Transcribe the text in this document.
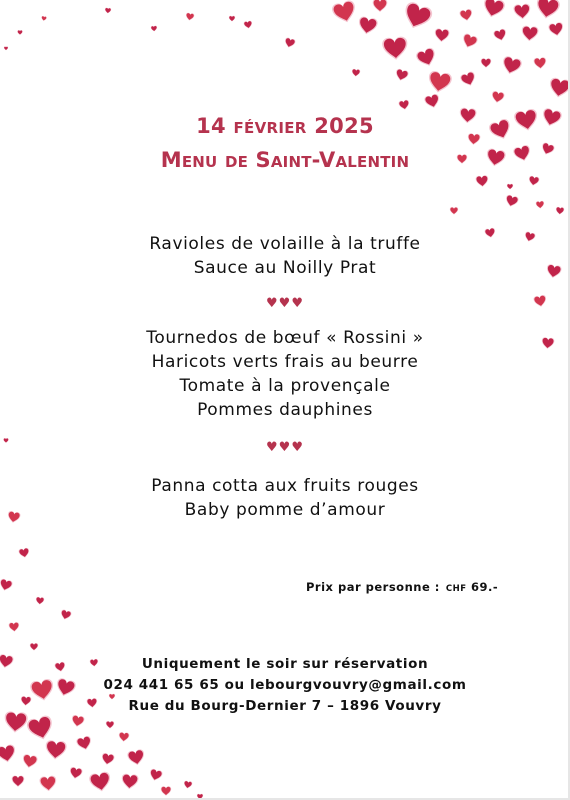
14 février 2025
Menu de Saint-Valentin
Ravioles de volaille à la truffe
Sauce au Noilly Prat
♥♥♥
Tournedos de bœuf « Rossini »
Haricots verts frais au beurre
Tomate à la provençale
Pommes dauphines
♥♥♥
Panna cotta aux fruits rouges
Baby pomme d’amour
Prix par personne : CHF 69.-
Uniquement le soir sur réservation
024 441 65 65 ou lebourgvouvry@gmail.com
Rue du Bourg-Dernier 7 – 1896 Vouvry
